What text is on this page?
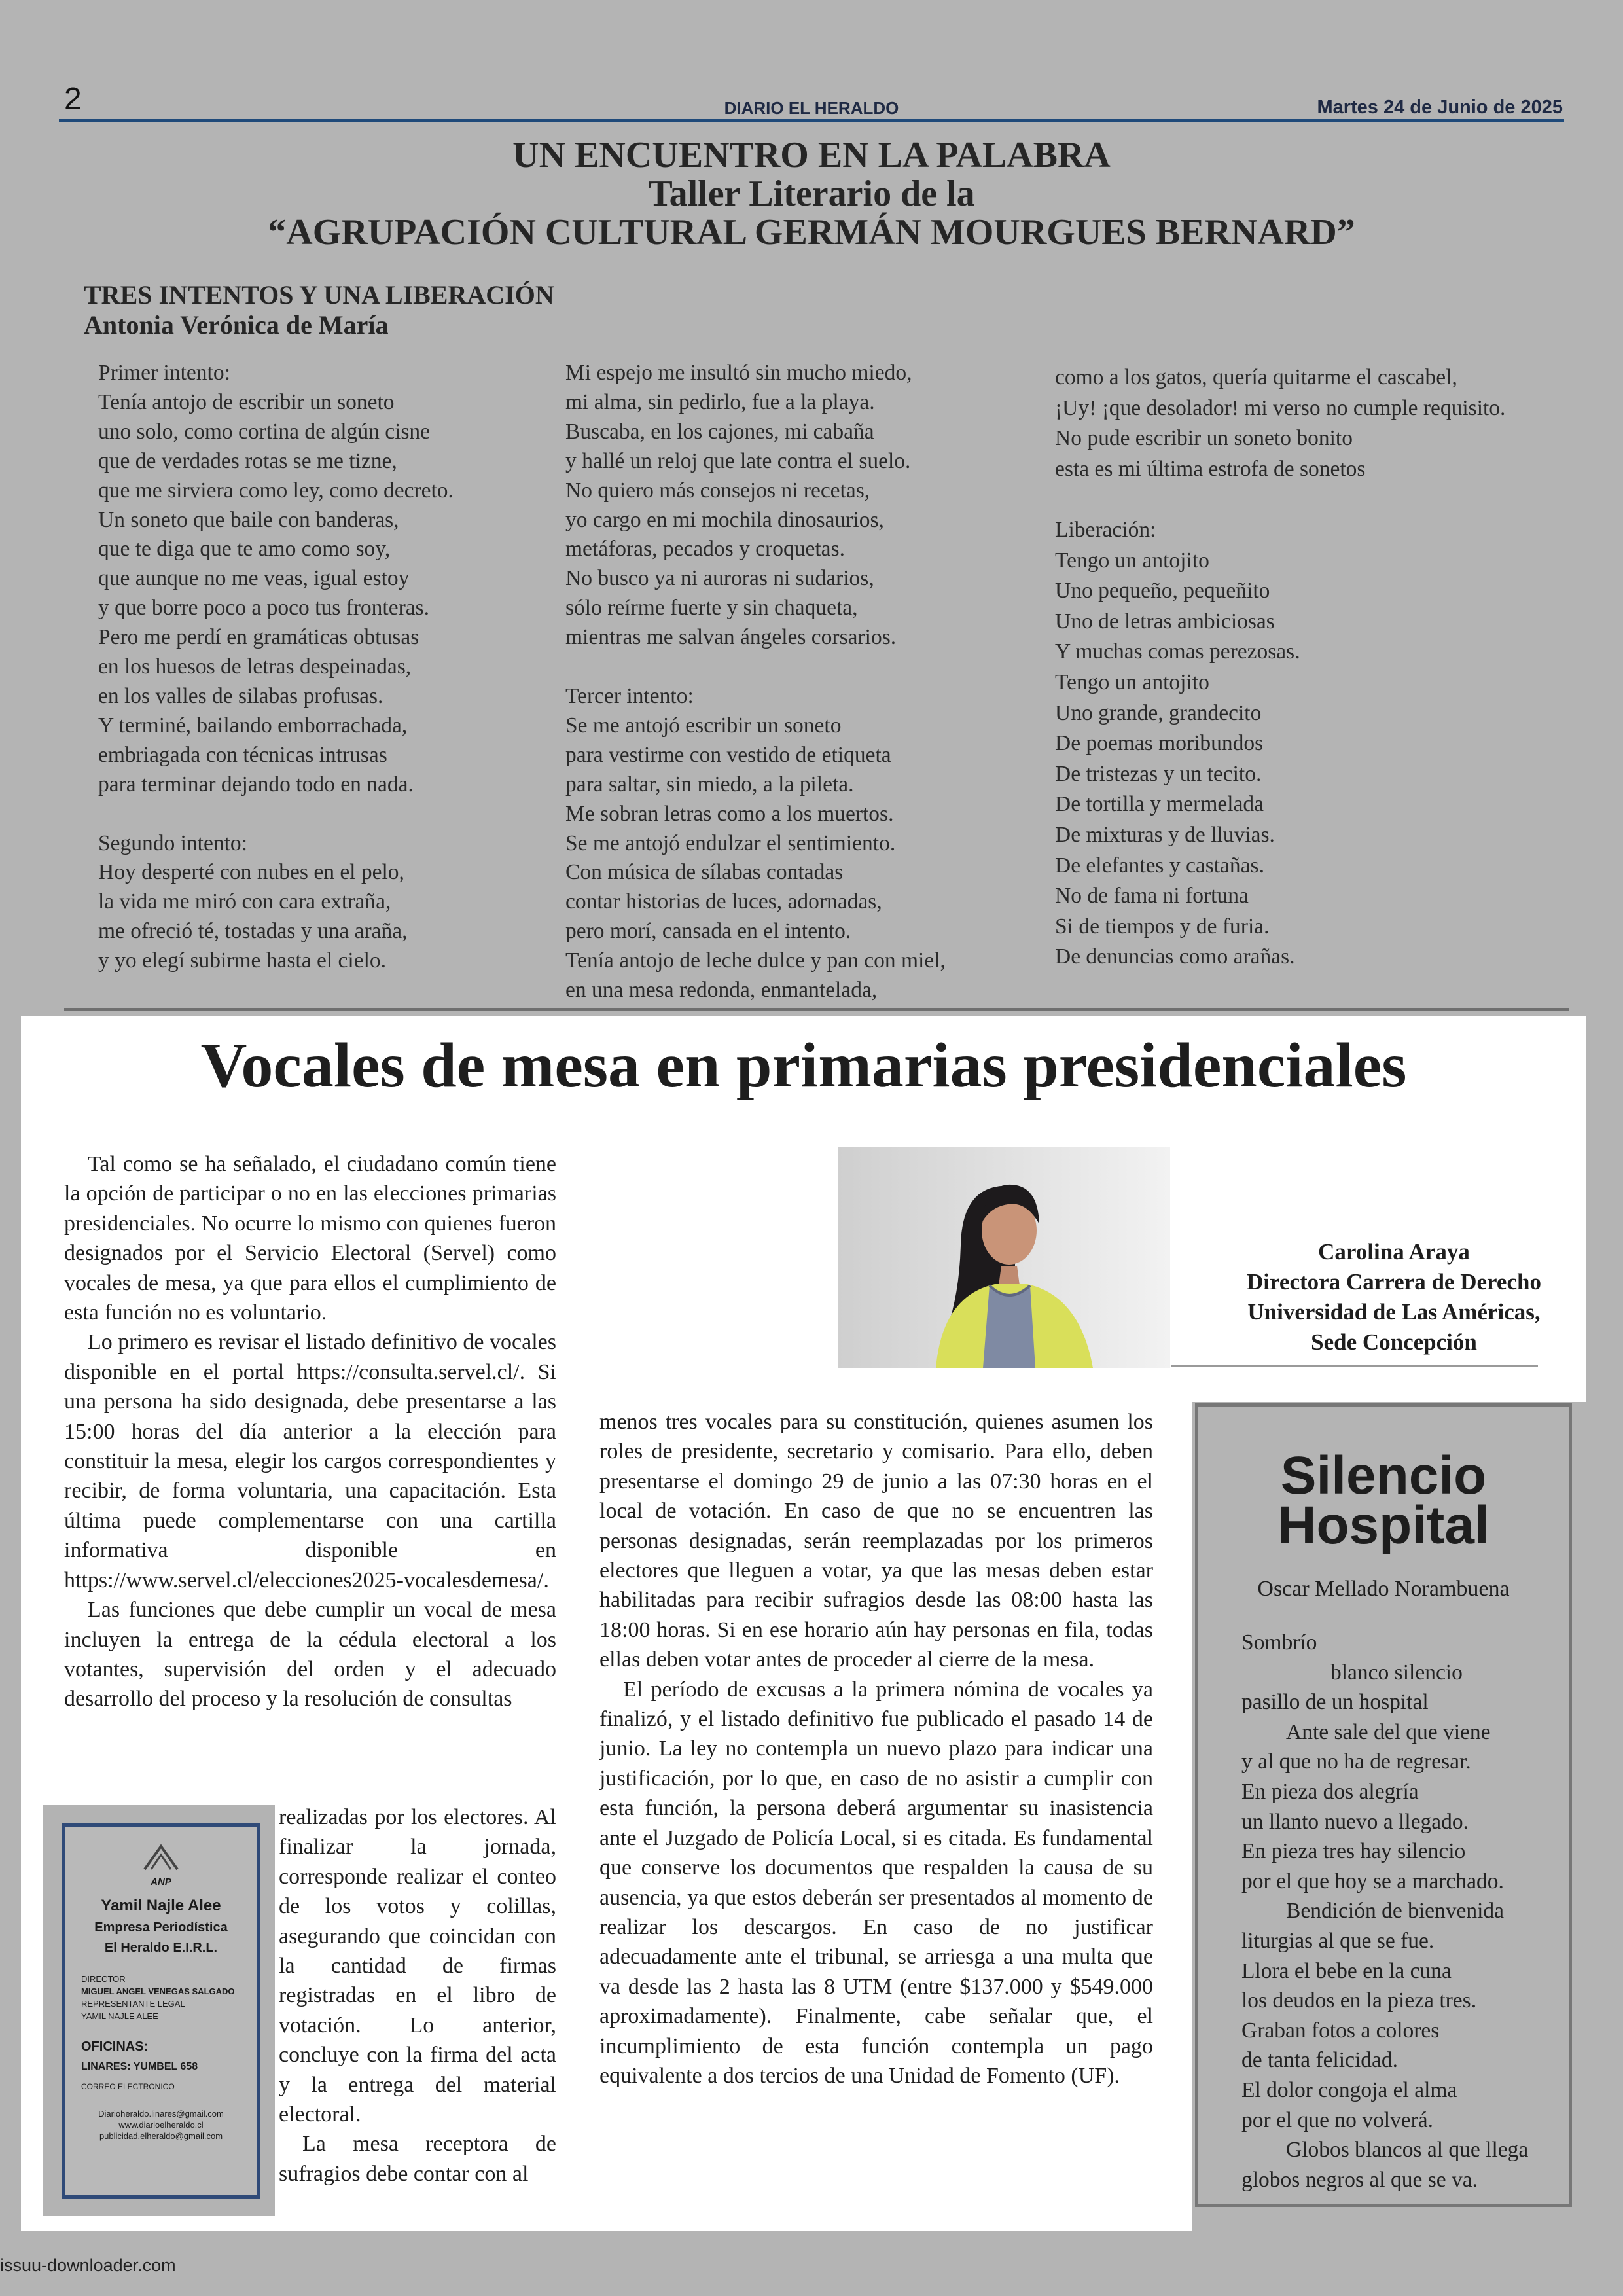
2	DIARIO EL HERALDO	Martes 24 de Junio de 2025
UN ENCUENTRO EN LA PALABRA
Taller Literario de la
“AGRUPACIÓN CULTURAL GERMÁN MOURGUES BERNARD”
TRES INTENTOS Y UNA LIBERACIÓN
Antonia Verónica de María
Primer intento:
Tenía antojo de escribir un soneto
uno solo, como cortina de algún cisne
que de verdades rotas se me tizne,
que me sirviera como ley, como decreto.
Un soneto que baile con banderas,
que te diga que te amo como soy,
que aunque no me veas, igual estoy
y que borre poco a poco tus fronteras.
Pero me perdí en gramáticas obtusas
en los huesos de letras despeinadas,
en los valles de silabas profusas.
Y terminé, bailando emborrachada,
embriagada con técnicas intrusas
para terminar dejando todo en nada.

Segundo intento:
Hoy desperté con nubes en el pelo,
la vida me miró con cara extraña,
me ofreció té, tostadas y una araña,
y yo elegí subirme hasta el cielo.
Mi espejo me insultó sin mucho miedo,
mi alma, sin pedirlo, fue a la playa.
Buscaba, en los cajones, mi cabaña
y hallé un reloj que late contra el suelo.
No quiero más consejos ni recetas,
yo cargo en mi mochila dinosaurios,
metáforas, pecados y croquetas.
No busco ya ni auroras ni sudarios,
sólo reírme fuerte y sin chaqueta,
mientras me salvan ángeles corsarios.

Tercer intento:
Se me antojó escribir un soneto
para vestirme con vestido de etiqueta
para saltar, sin miedo, a la pileta.
Me sobran letras como a los muertos.
Se me antojó endulzar el sentimiento.
Con música de sílabas contadas
contar historias de luces, adornadas,
pero morí, cansada en el intento.
Tenía antojo de leche dulce y pan con miel,
en una mesa redonda, enmantelada,
como a los gatos, quería quitarme el cascabel,
¡Uy! ¡que desolador! mi verso no cumple requisito.
No pude escribir un soneto bonito
esta es mi última estrofa de sonetos

Liberación:
Tengo un antojito
Uno pequeño, pequeñito
Uno de letras ambiciosas
Y muchas comas perezosas.
Tengo un antojito
Uno grande, grandecito
De poemas moribundos
De tristezas y un tecito.
De tortilla y mermelada
De mixturas y de lluvias.
De elefantes y castañas.
No de fama ni fortuna
Si de tiempos y de furia.
De denuncias como arañas.
Vocales de mesa en primarias presidenciales
Carolina Araya
Directora Carrera de Derecho
Universidad de Las Américas,
Sede Concepción

Tal como se ha señalado, el ciudadano común tiene la opción de participar o no en las elecciones primarias presidenciales. No ocurre lo mismo con quienes fueron designados por el Servicio Electoral (Servel) como vocales de mesa, ya que para ellos el cumplimiento de esta función no es voluntario.

Lo primero es revisar el listado definitivo de vocales disponible en el portal https://consulta.servel.cl/. Si una persona ha sido designada, debe presentarse a las 15:00 horas del día anterior a la elección para constituir la mesa, elegir los cargos correspondientes y recibir, de forma voluntaria, una capacitación. Esta última puede complementarse con una cartilla informativa disponible en https://www.servel.cl/elecciones2025-vocalesdemesa/.

Las funciones que debe cumplir un vocal de mesa incluyen la entrega de la cédula electoral a los votantes, supervisión del orden y el adecuado desarrollo del proceso y la resolución de consultas

realizadas por los electores. Al finalizar la jornada, corresponde realizar el conteo de los votos y colillas, asegurando que coincidan con la cantidad de firmas registradas en el libro de votación. Lo anterior, concluye con la firma del acta y la entrega del material electoral.

La mesa receptora de sufragios debe contar con al

menos tres vocales para su constitución, quienes asumen los roles de presidente, secretario y comisario. Para ello, deben presentarse el domingo 29 de junio a las 07:30 horas en el local de votación. En caso de que no se encuentren las personas designadas, serán reemplazadas por los primeros electores que lleguen a votar, ya que las mesas deben estar habilitadas para recibir sufragios desde las 08:00 hasta las 18:00 horas. Si en ese horario aún hay personas en fila, todas ellas deben votar antes de proceder al cierre de la mesa.

El período de excusas a la primera nómina de vocales ya finalizó, y el listado definitivo fue publicado el pasado 14 de junio. La ley no contempla un nuevo plazo para indicar una justificación, por lo que, en caso de no asistir a cumplir con esta función, la persona deberá argumentar su inasistencia ante el Juzgado de Policía Local, si es citada. Es fundamental que conserve los documentos que respalden la causa de su ausencia, ya que estos deberán ser presentados al momento de realizar los descargos. En caso de no justificar adecuadamente ante el tribunal, se arriesga a una multa que va desde las 2 hasta las 8 UTM (entre $137.000 y $549.000 aproximadamente). Finalmente, cabe señalar que, el incumplimiento de esta función contempla un pago equivalente a dos tercios de una Unidad de Fomento (UF).

ANP
Yamil Najle Alee
Empresa Periodística
El Heraldo E.I.R.L.
DIRECTOR
MIGUEL ANGEL VENEGAS SALGADO
REPRESENTANTE LEGAL
YAMIL NAJLE ALEE
OFICINAS:
LINARES: YUMBEL 658
CORREO ELECTRONICO
Diarioheraldo.linares@gmail.com
www.diarioelheraldo.cl
publicidad.elheraldo@gmail.com
Silencio
Hospital
Oscar Mellado Norambuena
Sombrío
blanco silencio
pasillo de un hospital
Ante sale del que viene
y al que no ha de regresar.
En pieza dos alegría
un llanto nuevo a llegado.
En pieza tres hay silencio
por el que hoy se a marchado.
Bendición de bienvenida
liturgias al que se fue.
Llora el bebe en la cuna
los deudos en la pieza tres.
Graban fotos a colores
de tanta felicidad.
El dolor congoja el alma
por el que no volverá.
Globos blancos al que llega
globos negros al que se va.
issuu-downloader.com
